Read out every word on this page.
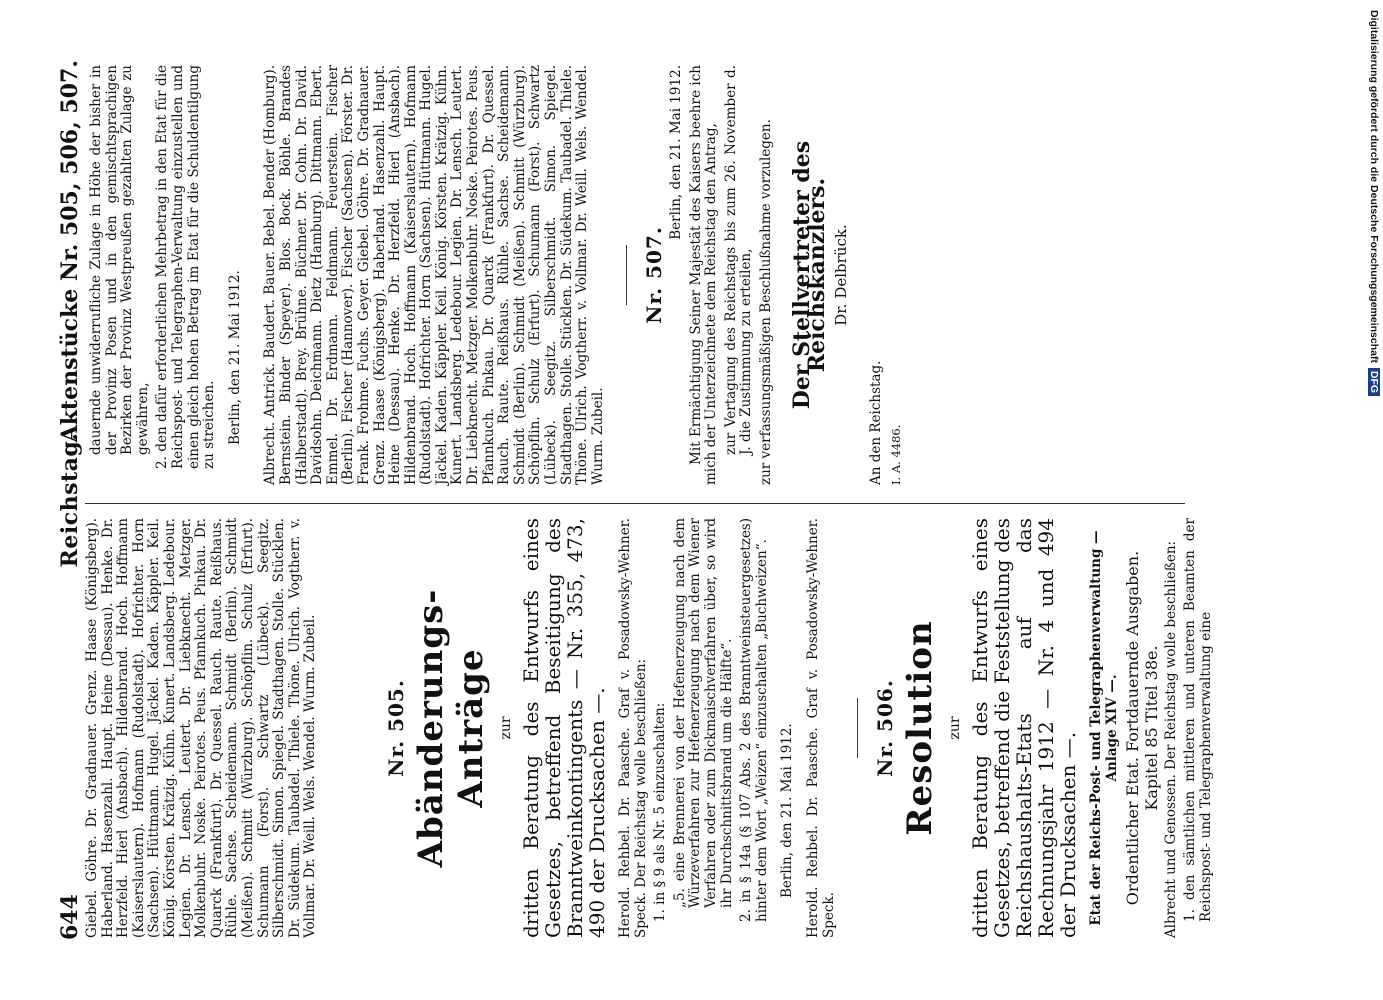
644
Reichstag.
Aktenstücke Nr. 505, 506, 507.

Giebel. Göhre. Dr. Gradnauer. Grenz. Haase (Königsberg). Haberland. Hasenzahl. Haupt. Heine (Dessau). Henke. Dr. Herzfeld. Hierl (Ansbach). Hildenbrand. Hoch. Hoffmann (Kaiserslautern). Hofmann (Rudolstadt). Hofrichter. Horn (Sachsen). Hüttmann. Hugel. Jäckel. Kaden. Käppler. Keil. König. Körsten. Krätzig. Kühn. Kunert. Landsberg. Ledebour. Legien. Dr. Lensch. Leutert. Dr. Liebknecht. Metzger. Molkenbuhr. Noske. Peirotes. Peus. Pfannkuch. Pinkau. Dr. Quarck (Frankfurt). Dr. Quessel. Rauch. Raute. Reißhaus. Rühle. Sachse. Scheidemann. Schmidt (Berlin). Schmidt (Meißen). Schmitt (Würzburg). Schöpflin. Schulz (Erfurt). Schumann (Forst). Schwartz (Lübeck). Seegitz. Silberschmidt. Simon. Spiegel. Stadthagen. Stolle. Stücklen. Dr. Südekum. Taubadel. Thiele. Thöne. Ulrich. Vogtherr. v. Vollmar. Dr. Weill. Wels. Wendel. Wurm. Zubeil.	Nr. 505. Abänderungs-Anträge zur dritten Beratung des Entwurfs eines Gesetzes, betreffend Beseitigung des Branntweinkontingents — Nr. 355, 473, 490 der Drucksachen —. Herold. Rehbel. Dr. Paasche. Graf v. Posadowsky-Wehner. Speck. Der Reichstag wolle beschließen: 1. in § 9 als Nr. 5 einzuschalten: „5. eine Brennerei von der Hefenerzeugung nach dem Würzeverfahren zur Hefenerzeugung nach dem Wiener Verfahren oder zum Dickmaischverfahren über, so wird ihr Durchschnittsbrand um die Hälfte“. 2. in § 14a (§ 107 Abs. 2 des Branntweinsteuergesetzes) hinter dem Wort „Weizen“ einzuschalten „Buchweizen“. Berlin, den 21. Mai 1912. Herold. Rehbel. Dr. Paasche. Graf v. Posadowsky-Wehner. Speck.

Nr. 506. Resolution zur dritten Beratung des Entwurfs eines Gesetzes, betreffend die Feststellung des Reichshaushalts-Etats auf das Rechnungsjahr 1912 — Nr. 4 und 494 der Drucksachen —. Etat der Reichs-Post- und Telegraphenverwaltung — Anlage XIV —. Ordentlicher Etat. Fortdauernde Ausgaben. Kapitel 85 Titel 38e. Albrecht und Genossen. Der Reichstag wolle beschließen: 1. den sämtlichen mittleren und unteren Beamten der Reichspost- und Telegraphenverwaltung eine

dauernde unwiderrufliche Zulage in Höhe der bisher in der Provinz Posen und in den gemischtsprachigen Bezirken der Provinz Westpreußen gezahlten Zulage zu gewähren, 2. den dafür erforderlichen Mehrbetrag in den Etat für die Reichspost- und Telegraphen-Verwaltung einzustellen und einen gleich hohen Betrag im Etat für die Schuldentilgung zu streichen. Berlin, den 21. Mai 1912. Albrecht. Antrick. Baudert. Bauer. Bebel. Bender (Homburg). Bernstein. Binder (Speyer). Blos. Bock. Böhle. Brandes (Halberstadt). Brey. Brühne. Büchner. Dr. Cohn. Dr. David. Davidsohn. Deichmann. Dietz (Hamburg). Dittmann. Ebert. Emmel. Dr. Erdmann. Feldmann. Feuerstein. Fischer (Berlin). Fischer (Hannover). Fischer (Sachsen). Förster. Dr. Frank. Frohme. Fuchs. Geyer. Giebel. Göhre. Dr. Gradnauer. Grenz. Haase (Königsberg). Haberland. Hasenzahl. Haupt. Heine (Dessau). Henke. Dr. Herzfeld. Hierl (Ansbach). Hildenbrand. Hoch. Hoffmann (Kaiserslautern). Hofmann (Rudolstadt). Hofrichter. Horn (Sachsen). Hüttmann. Hugel. Jäckel. Kaden. Käppler. Keil. König. Körsten. Krätzig. Kühn. Kunert. Landsberg. Ledebour. Legien. Dr. Lensch. Leutert. Dr. Liebknecht. Metzger. Molkenbuhr. Noske. Peirotes. Peus. Pfannkuch. Pinkau. Dr. Quarck (Frankfurt). Dr. Quessel. Rauch. Raute. Reißhaus. Rühle. Sachse. Scheidemann. Schmidt (Berlin). Schmidt (Meißen). Schmitt (Würzburg). Schöpflin. Schulz (Erfurt). Schumann (Forst). Schwartz (Lübeck). Seegitz. Silberschmidt. Simon. Spiegel. Stadthagen. Stolle. Stücklen. Dr. Südekum. Taubadel. Thiele. Thöne. Ulrich. Vogtherr. v. Vollmar. Dr. Weill. Wels. Wendel. Wurm. Zubeil.

Nr. 507.

Berlin, den 21. Mai 1912. Mit Ermächtigung Seiner Majestät des Kaisers beehre ich mich der Unterzeichnete dem Reichstag den Antrag, zur Vertagung des Reichstags bis zum 26. November d. J. die Zustimmung zu erteilen, zur verfassungsmäßigen Beschlußnahme vorzulegen. Der Stellvertreter des Reichskanzlers. Dr. Delbrück.

An den Reichstag. I. A. 4486.

Digitalisierung gefördert durch die Deutsche Forschungsgemeinschaft DFG
